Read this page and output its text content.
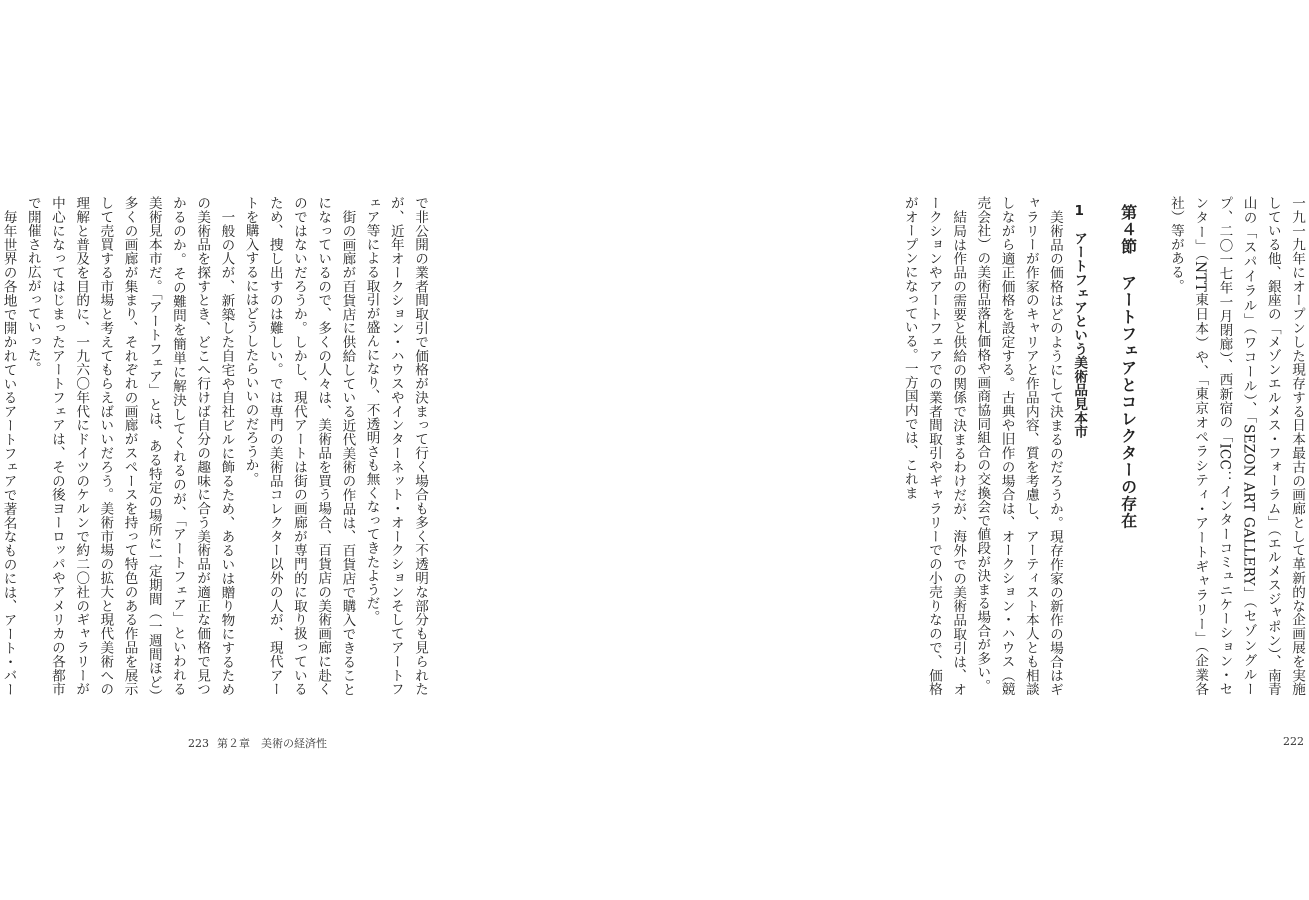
で非公開の業者間取引で価格が決まって行く場合も多く不透明な部分も見られたが、近年オークション・ハウスやインターネット・オークションそしてアートフェア等による取引が盛んになり、不透明さも無くなってきたようだ。

街の画廊が百貨店に供給している近代美術の作品は、百貨店で購入できることになっているので、多くの人々は、美術品を買う場合、百貨店の美術画廊に赴くのではないだろうか。しかし、現代アートは街の画廊が専門的に取り扱っているため、捜し出すのは難しい。では専門の美術品コレクター以外の人が、現代アートを購入するにはどうしたらいいのだろうか。

一般の人が、新築した自宅や自社ビルに飾るため、あるいは贈り物にするための美術品を探すとき、どこへ行けば自分の趣味に合う美術品が適正な価格で見つかるのか。その難問を簡単に解決してくれるのが、「アートフェア」といわれる美術見本市だ。「アートフェア」とは、ある特定の場所に一定期間（一週間ほど）多くの画廊が集まり、それぞれの画廊がスペースを持って特色のある作品を展示して売買する市場と考えてもらえばいいだろう。美術市場の拡大と現代美術への理解と普及を目的に、一九六〇年代にドイツのケルンで約二〇社のギャラリーが中心になってはじまったアートフェアは、その後ヨーロッパやアメリカの各都市で開催され広がっていった。

毎年世界の各地で開かれているアートフェアで著名なものには、アート・バー

223 第２章　美術の経済性

一九一九年にオープンした現存する日本最古の画廊として革新的な企画展を実施している他、銀座の「メゾンエルメス・フォーラム」（エルメスジャポン）、南青山の「スパイラル」（ワコール）、「SEZON ART GALLERY」（セゾングループ、二〇一七年一月閉廊）、西新宿の「ICC：インターコミュニケーション・センター」（NTT東日本）や、「東京オペラシティ・アートギャラリー」（企業各社）等がある。

第４節　アートフェアとコレクターの存在

1　アートフェアという美術品見本市

美術品の価格はどのようにして決まるのだろうか。現存作家の新作の場合はギャラリーが作家のキャリアと作品内容、質を考慮し、アーティスト本人とも相談しながら適正価格を設定する。古典や旧作の場合は、オークション・ハウス（競売会社）の美術品落札価格や画商協同組合の交換会で値段が決まる場合が多い。

結局は作品の需要と供給の関係で決まるわけだが、海外での美術品取引は、オークションやアートフェアでの業者間取引やギャラリーでの小売りなので、価格がオープンになっている。一方国内では、これま

222
